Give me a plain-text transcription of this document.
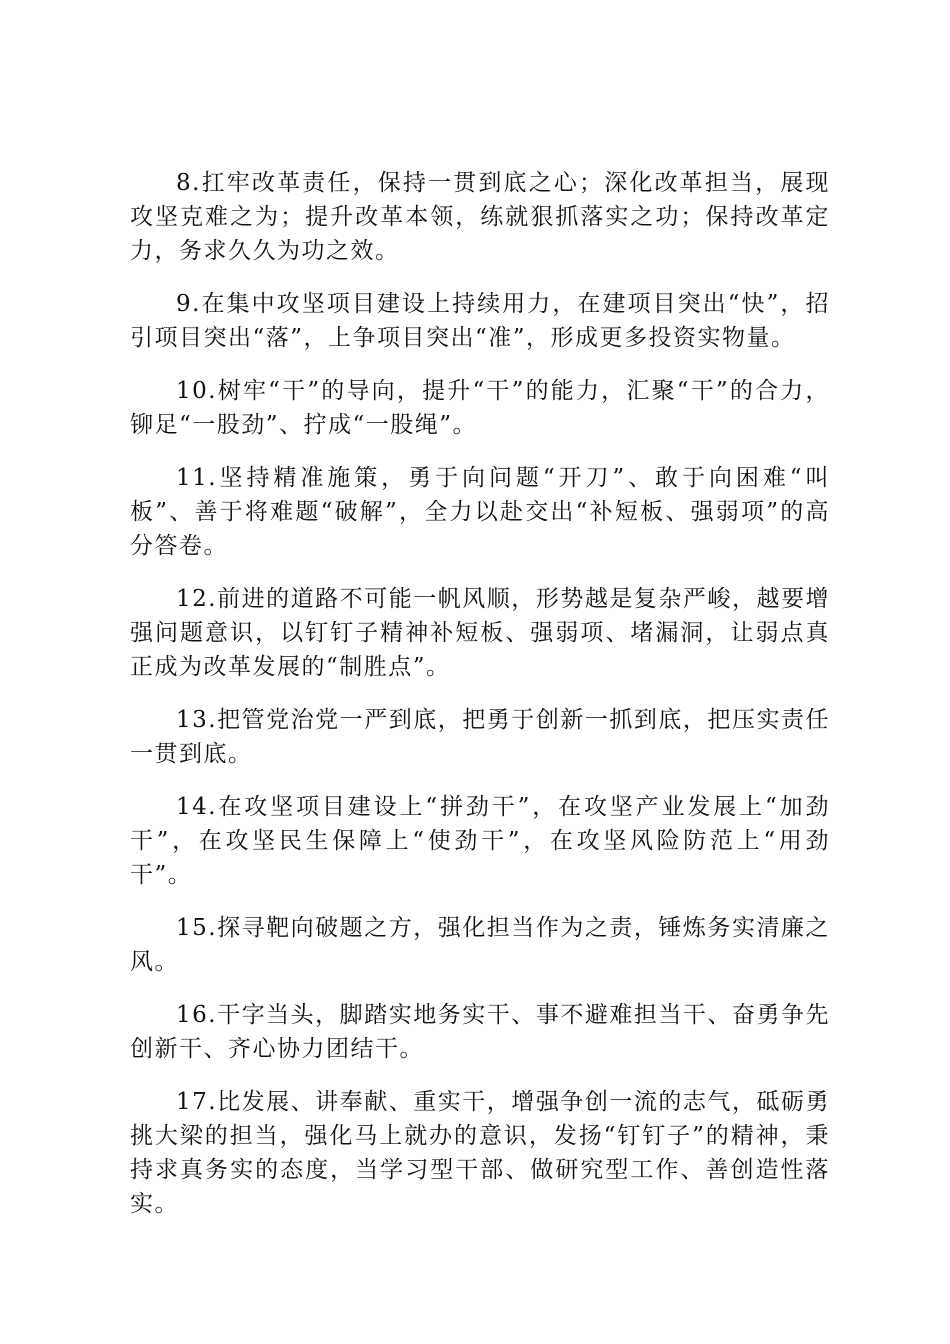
8.扛牢改革责任，保持一贯到底之心；深化改革担当，展现攻坚克难之为；提升改革本领，练就狠抓落实之功；保持改革定力，务求久久为功之效。

9.在集中攻坚项目建设上持续用力，在建项目突出“快”，招引项目突出“落”，上争项目突出“准”，形成更多投资实物量。

10.树牢“干”的导向，提升“干”的能力，汇聚“干”的合力，铆足“一股劲”、拧成“一股绳”。

11.坚持精准施策，勇于向问题“开刀”、敢于向困难“叫板”、善于将难题“破解”，全力以赴交出“补短板、强弱项”的高分答卷。

12.前进的道路不可能一帆风顺，形势越是复杂严峻，越要增强问题意识，以钉钉子精神补短板、强弱项、堵漏洞，让弱点真正成为改革发展的“制胜点”。

13.把管党治党一严到底，把勇于创新一抓到底，把压实责任一贯到底。

14.在攻坚项目建设上“拼劲干”，在攻坚产业发展上“加劲干”，在攻坚民生保障上“使劲干”，在攻坚风险防范上“用劲干”。

15.探寻靶向破题之方，强化担当作为之责，锤炼务实清廉之风。

16.干字当头，脚踏实地务实干、事不避难担当干、奋勇争先创新干、齐心协力团结干。

17.比发展、讲奉献、重实干，增强争创一流的志气，砥砺勇挑大梁的担当，强化马上就办的意识，发扬“钉钉子”的精神，秉持求真务实的态度，当学习型干部、做研究型工作、善创造性落实。
